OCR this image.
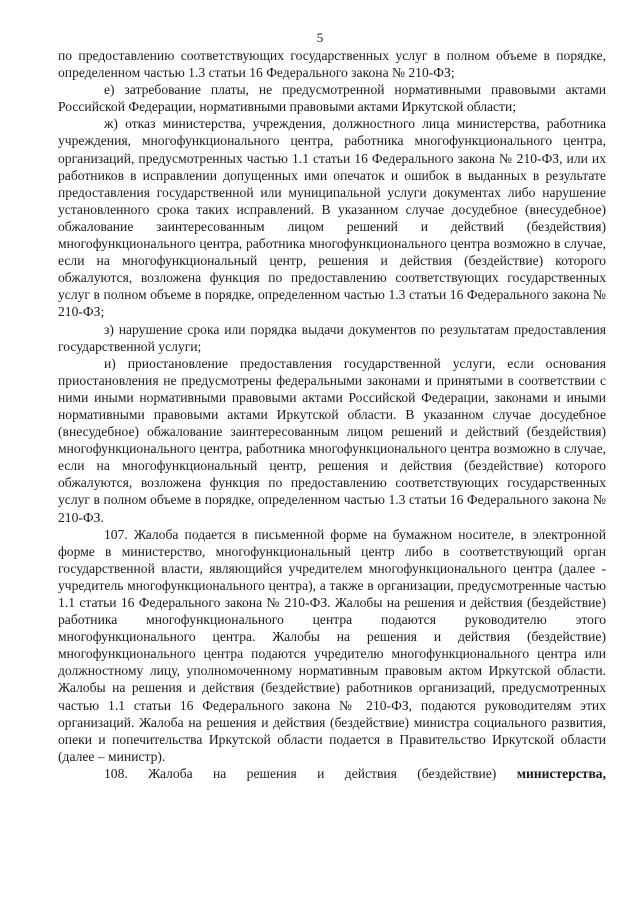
5

по предоставлению соответствующих государственных услуг в полном объеме в порядке, определенном частью 1.3 статьи 16 Федерального закона № 210-ФЗ;

е) затребование платы, не предусмотренной нормативными правовыми актами Российской Федерации, нормативными правовыми актами Иркутской области;

ж) отказ министерства, учреждения, должностного лица министерства, работника учреждения, многофункционального центра, работника многофункционального центра, организаций, предусмотренных частью 1.1 статьи 16 Федерального закона № 210-ФЗ, или их работников в исправлении допущенных ими опечаток и ошибок в выданных в результате предоставления государственной или муниципальной услуги документах либо нарушение установленного срока таких исправлений. В указанном случае досудебное (внесудебное) обжалование заинтересованным лицом решений и действий (бездействия) многофункционального центра, работника многофункционального центра возможно в случае, если на многофункциональный центр, решения и действия (бездействие) которого обжалуются, возложена функция по предоставлению соответствующих государственных услуг в полном объеме в порядке, определенном частью 1.3 статьи 16 Федерального закона № 210-ФЗ;

з) нарушение срока или порядка выдачи документов по результатам предоставления государственной услуги;

и) приостановление предоставления государственной услуги, если основания приостановления не предусмотрены федеральными законами и принятыми в соответствии с ними иными нормативными правовыми актами Российской Федерации, законами и иными нормативными правовыми актами Иркутской области. В указанном случае досудебное (внесудебное) обжалование заинтересованным лицом решений и действий (бездействия) многофункционального центра, работника многофункционального центра возможно в случае, если на многофункциональный центр, решения и действия (бездействие) которого обжалуются, возложена функция по предоставлению соответствующих государственных услуг в полном объеме в порядке, определенном частью 1.3 статьи 16 Федерального закона № 210-ФЗ.

107. Жалоба подается в письменной форме на бумажном носителе, в электронной форме в министерство, многофункциональный центр либо в соответствующий орган государственной власти, являющийся учредителем многофункционального центра (далее - учредитель многофункционального центра), а также в организации, предусмотренные частью 1.1 статьи 16 Федерального закона № 210-ФЗ. Жалобы на решения и действия (бездействие) работника многофункционального центра подаются руководителю этого многофункционального центра. Жалобы на решения и действия (бездействие) многофункционального центра подаются учредителю многофункционального центра или должностному лицу, уполномоченному нормативным правовым актом Иркутской области. Жалобы на решения и действия (бездействие) работников организаций, предусмотренных частью 1.1 статьи 16 Федерального закона № 210-ФЗ, подаются руководителям этих организаций. Жалоба на решения и действия (бездействие) министра социального развития, опеки и попечительства Иркутской области подается в Правительство Иркутской области (далее – министр).

108. Жалоба на решения и действия (бездействие) министерства,
